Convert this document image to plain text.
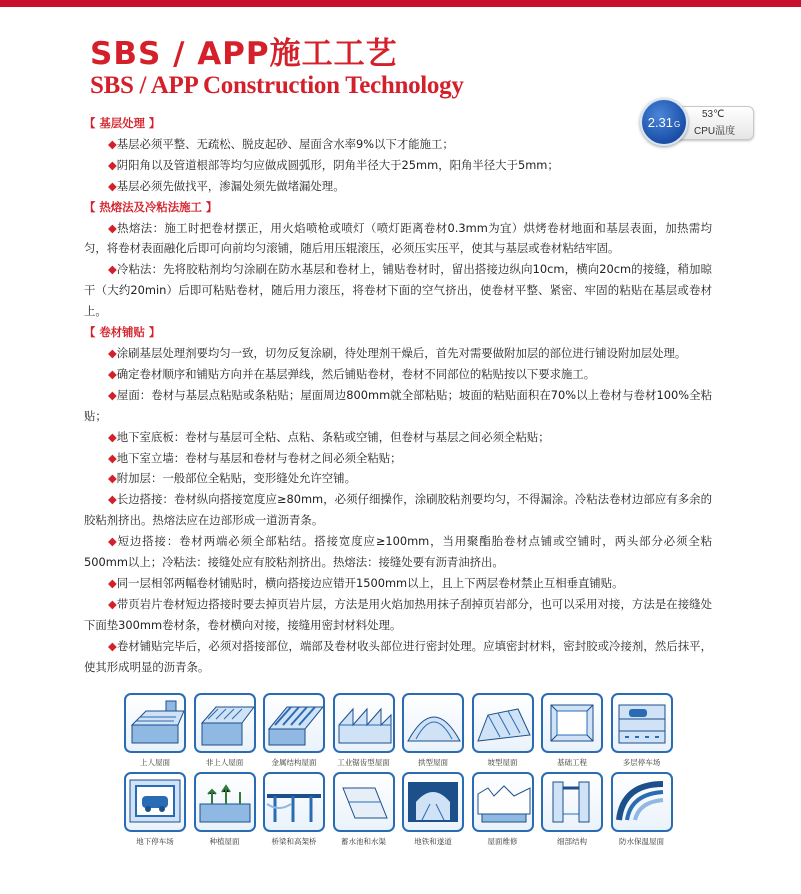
SBS / APP施工工艺
SBS / APP Construction Technology
2.31 G
53℃
CPU温度

【 基层处理 】

◆基层必须平整、无疏松、脱皮起砂、屋面含水率9%以下才能施工；

◆阴阳角以及管道根部等均匀应做成圆弧形，阴角半径大于25mm，阳角半径大于5mm；

◆基层必须先做找平，渗漏处须先做堵漏处理。

【 热熔法及冷粘法施工 】

◆热熔法：施工时把卷材摆正，用火焰喷枪或喷灯（喷灯距离卷材0.3mm为宜）烘烤卷材地面和基层表面，加热需均匀，将卷材表面融化后即可向前均匀滚铺，随后用压辊滚压，必须压实压平，使其与基层或卷材粘结牢固。

◆冷粘法：先将胶粘剂均匀涂刷在防水基层和卷材上，铺贴卷材时，留出搭接边纵向10cm，横向20cm的接缝，稍加晾干（大约20min）后即可粘贴卷材，随后用力滚压，将卷材下面的空气挤出，使卷材平整、紧密、牢固的粘贴在基层或卷材上。

【 卷材铺贴 】

◆涂刷基层处理剂要均匀一致，切勿反复涂刷，待处理剂干燥后，首先对需要做附加层的部位进行铺设附加层处理。

◆确定卷材顺序和铺贴方向并在基层弹线，然后铺贴卷材，卷材不同部位的粘贴按以下要求施工。

◆屋面：卷材与基层点粘贴或条粘贴；屋面周边800mm就全部粘贴；坡面的粘贴面积在70%以上卷材与卷材100%全粘贴；

◆地下室底板：卷材与基层可全粘、点粘、条粘或空铺，但卷材与基层之间必须全粘贴；

◆地下室立墙：卷材与基层和卷材与卷材之间必须全粘贴；

◆附加层：一般部位全粘贴，变形缝处允许空铺。

◆长边搭接：卷材纵向搭接宽度应≥80mm，必须仔细操作，涂刷胶粘剂要均匀，不得漏涂。冷粘法卷材边部应有多余的胶粘剂挤出。热熔法应在边部形成一道沥青条。

◆短边搭接：卷材两端必须全部粘结。搭接宽度应≥100mm，当用聚酯胎卷材点铺或空铺时，两头部分必须全粘500mm以上；冷粘法：接缝处应有胶粘剂挤出。热熔法：接缝处要有沥青油挤出。

◆同一层相邻两幅卷材铺贴时，横向搭接边应错开1500mm以上，且上下两层卷材禁止互相垂直铺贴。

◆带页岩片卷材短边搭接时要去掉页岩片层，方法是用火焰加热用抹子刮掉页岩部分，也可以采用对接，方法是在接缝处下面垫300mm卷材条，卷材横向对接，接缝用密封材料处理。

◆卷材铺贴完毕后，必须对搭接部位，端部及卷材收头部位进行密封处理。应填密封材料，密封胶或冷接剂，然后抹平，使其形成明显的沥青条。

上人屋面	非上人屋面	金属结构屋面	工业锯齿型屋面	拱型屋面	坡型屋面	基础工程	多层停车场
地下停车场	种植屋面	桥梁和高架桥	蓄水池和水渠	地铁和遂道	屋面维修	细部结构	防水保温屋面
